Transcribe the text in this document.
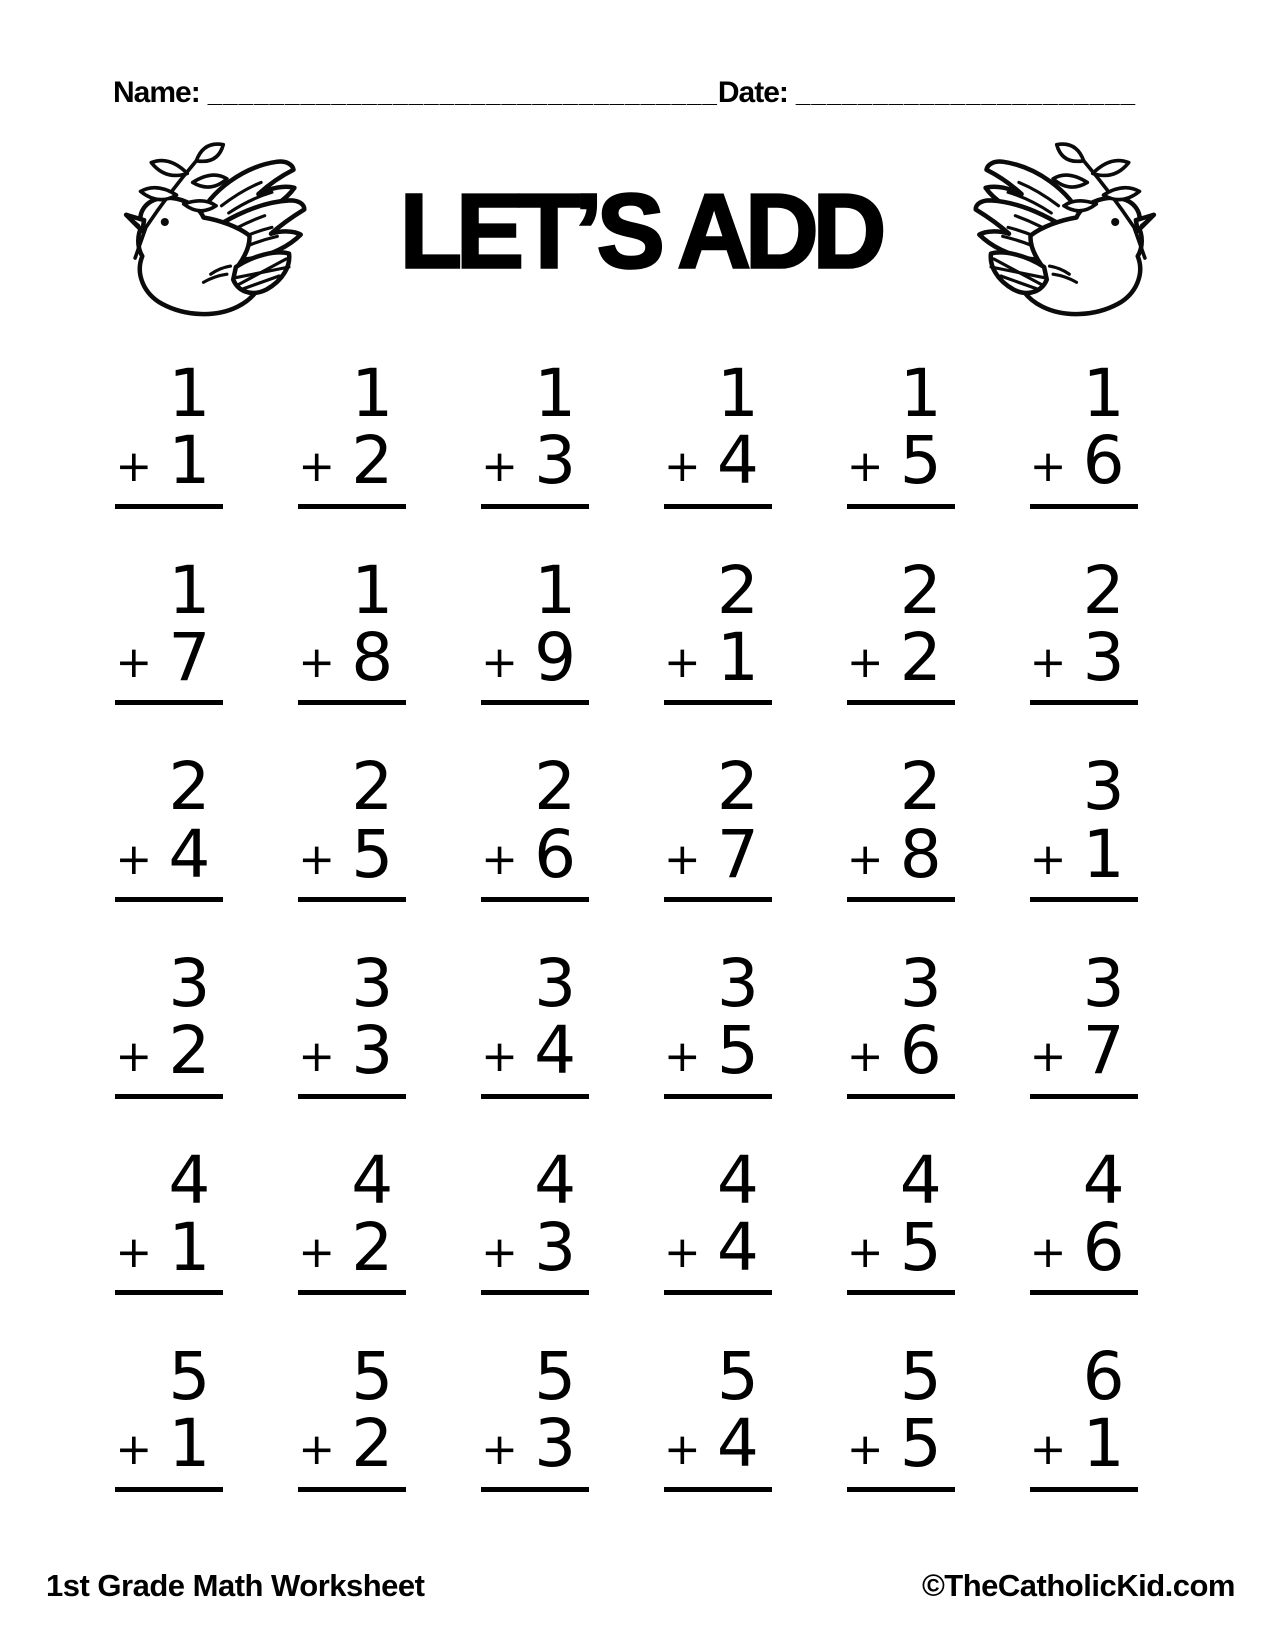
Name: _________________________________ Date: ______________________
LET’S ADD
1
+ 1
1
+ 2
1
+ 3
1
+ 4
1
+ 5
1
+ 6
1
+ 7
1
+ 8
1
+ 9
2
+ 1
2
+ 2
2
+ 3
2
+ 4
2
+ 5
2
+ 6
2
+ 7
2
+ 8
3
+ 1
3
+ 2
3
+ 3
3
+ 4
3
+ 5
3
+ 6
3
+ 7
4
+ 1
4
+ 2
4
+ 3
4
+ 4
4
+ 5
4
+ 6
5
+ 1
5
+ 2
5
+ 3
5
+ 4
5
+ 5
6
+ 1
1st Grade Math Worksheet	©TheCatholicKid.com
